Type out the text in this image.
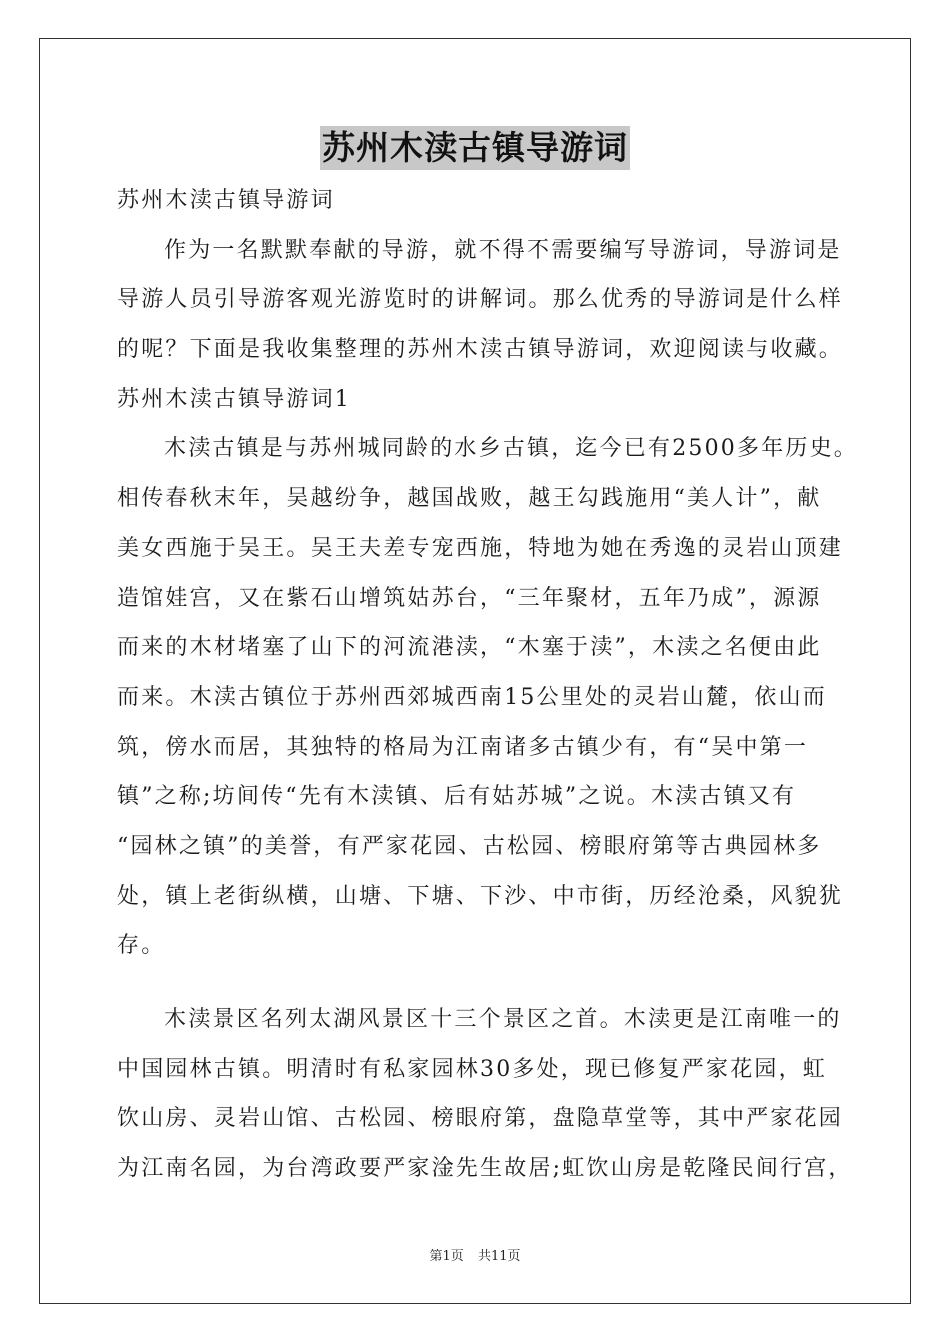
苏州木渎古镇导游词
苏州木渎古镇导游词
作为一名默默奉献的导游，就不得不需要编写导游词，导游词是
导游人员引导游客观光游览时的讲解词。那么优秀的导游词是什么样
的呢？下面是我收集整理的苏州木渎古镇导游词，欢迎阅读与收藏。
苏州木渎古镇导游词1
木渎古镇是与苏州城同龄的水乡古镇，迄今已有2500多年历史。
相传春秋末年，吴越纷争，越国战败，越王勾践施用“美人计”，献
美女西施于吴王。吴王夫差专宠西施，特地为她在秀逸的灵岩山顶建
造馆娃宫，又在紫石山增筑姑苏台，“三年聚材，五年乃成”，源源
而来的木材堵塞了山下的河流港渎，“木塞于渎”，木渎之名便由此
而来。木渎古镇位于苏州西郊城西南15公里处的灵岩山麓，依山而
筑，傍水而居，其独特的格局为江南诸多古镇少有，有“吴中第一
镇”之称;坊间传“先有木渎镇、后有姑苏城”之说。木渎古镇又有
“园林之镇”的美誉，有严家花园、古松园、榜眼府第等古典园林多
处，镇上老街纵横，山塘、下塘、下沙、中市街，历经沧桑，风貌犹
存。
木渎景区名列太湖风景区十三个景区之首。木渎更是江南唯一的
中国园林古镇。明清时有私家园林30多处，现已修复严家花园，虹
饮山房、灵岩山馆、古松园、榜眼府第，盘隐草堂等，其中严家花园
为江南名园，为台湾政要严家淦先生故居;虹饮山房是乾隆民间行宫，
第1页 共11页
